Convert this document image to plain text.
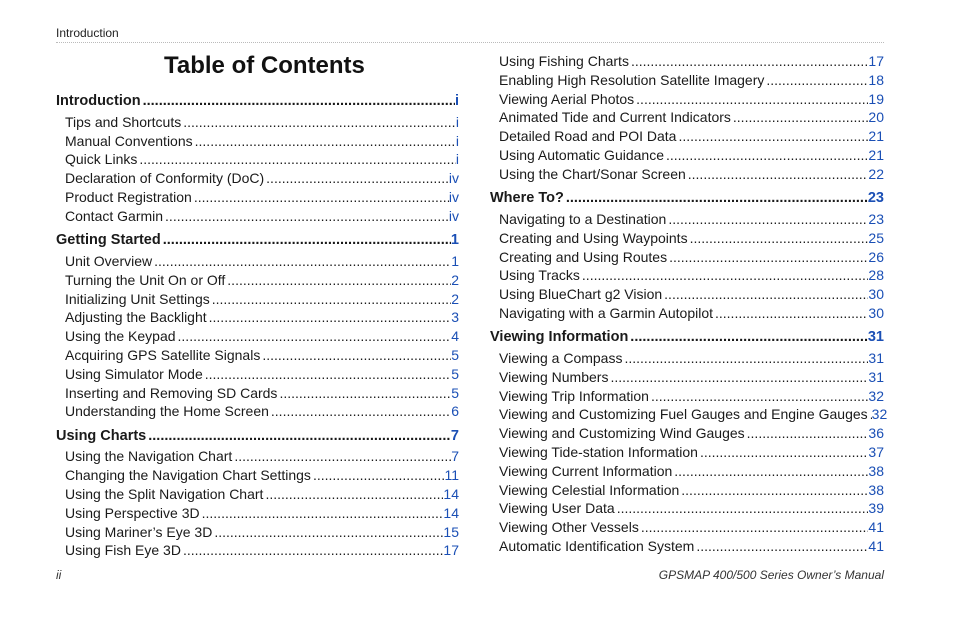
Introduction
Table of Contents
Introduction .....	i
Tips and Shortcuts .....	i
Manual Conventions .....	i
Quick Links .....	i
Declaration of Conformity (DoC) .....	iv
Product Registration .....	iv
Contact Garmin .....	iv
Getting Started .....	1
Unit Overview .....	1
Turning the Unit On or Off .....	2
Initializing Unit Settings .....	2
Adjusting the Backlight .....	3
Using the Keypad .....	4
Acquiring GPS Satellite Signals .....	5
Using Simulator Mode .....	5
Inserting and Removing SD Cards .....	5
Understanding the Home Screen .....	6
Using Charts .....	7
Using the Navigation Chart .....	7
Changing the Navigation Chart Settings .....	11
Using the Split Navigation Chart .....	14
Using Perspective 3D .....	14
Using Mariner’s Eye 3D .....	15
Using Fish Eye 3D .....	17
Using Fishing Charts .....	17
Enabling High Resolution Satellite Imagery .....	18
Viewing Aerial Photos .....	19
Animated Tide and Current Indicators .....	20
Detailed Road and POI Data .....	21
Using Automatic Guidance .....	21
Using the Chart/Sonar Screen .....	22
Where To? .....	23
Navigating to a Destination .....	23
Creating and Using Waypoints .....	25
Creating and Using Routes .....	26
Using Tracks .....	28
Using BlueChart g2 Vision .....	30
Navigating with a Garmin Autopilot .....	30
Viewing Information .....	31
Viewing a Compass .....	31
Viewing Numbers .....	31
Viewing Trip Information .....	32
Viewing and Customizing Fuel Gauges and Engine Gauges ..... 32
Viewing and Customizing Wind Gauges .....	36
Viewing Tide-station Information .....	37
Viewing Current Information .....	38
Viewing Celestial Information .....	38
Viewing User Data .....	39
Viewing Other Vessels .....	41
Automatic Identification System .....	41
ii	GPSMAP 400/500 Series Owner’s Manual
